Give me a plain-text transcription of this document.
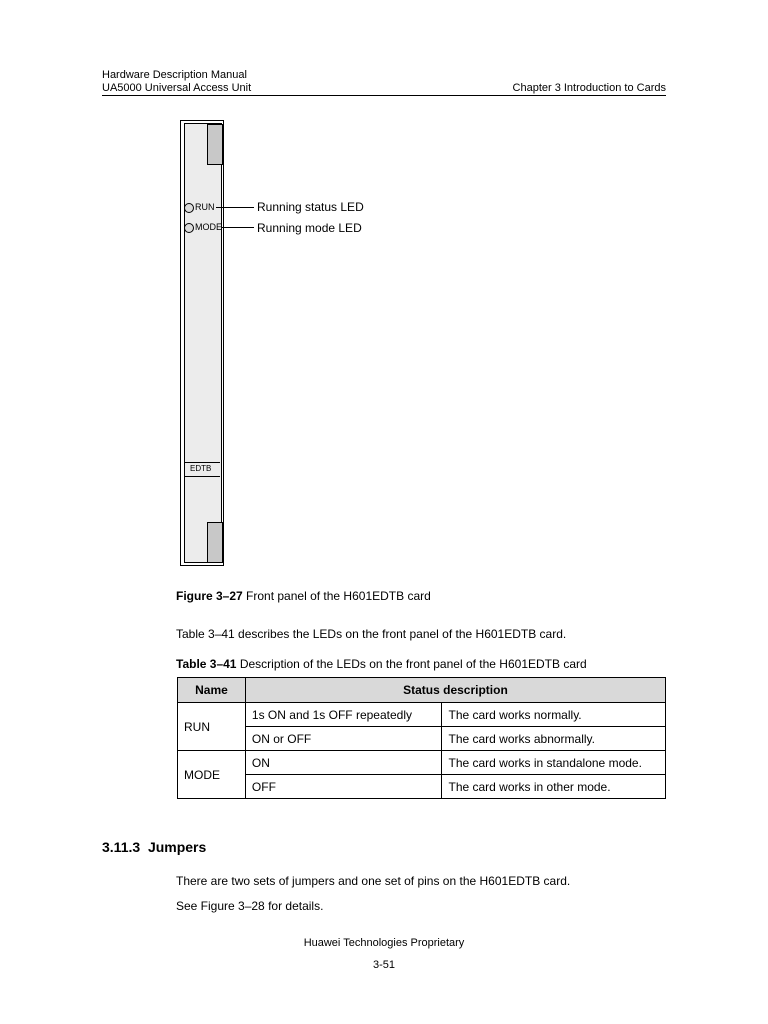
Hardware Description Manual
UA5000 Universal Access Unit	Chapter 3 Introduction to Cards
RUN
MODE
Running status LED
Running mode LED
EDTB
Figure 3–27 Front panel of the H601EDTB card
Table 3–41 describes the LEDs on the front panel of the H601EDTB card.
Table 3–41 Description of the LEDs on the front panel of the H601EDTB card
Name	Status description	
RUN	1s ON and 1s OFF repeatedly	The card works normally.
	ON or OFF	The card works abnormally.
MODE	ON	The card works in standalone mode.
	OFF	The card works in other mode.
3.11.3 Jumpers
There are two sets of jumpers and one set of pins on the H601EDTB card.
See Figure 3–28 for details.
Huawei Technologies Proprietary
3-51
